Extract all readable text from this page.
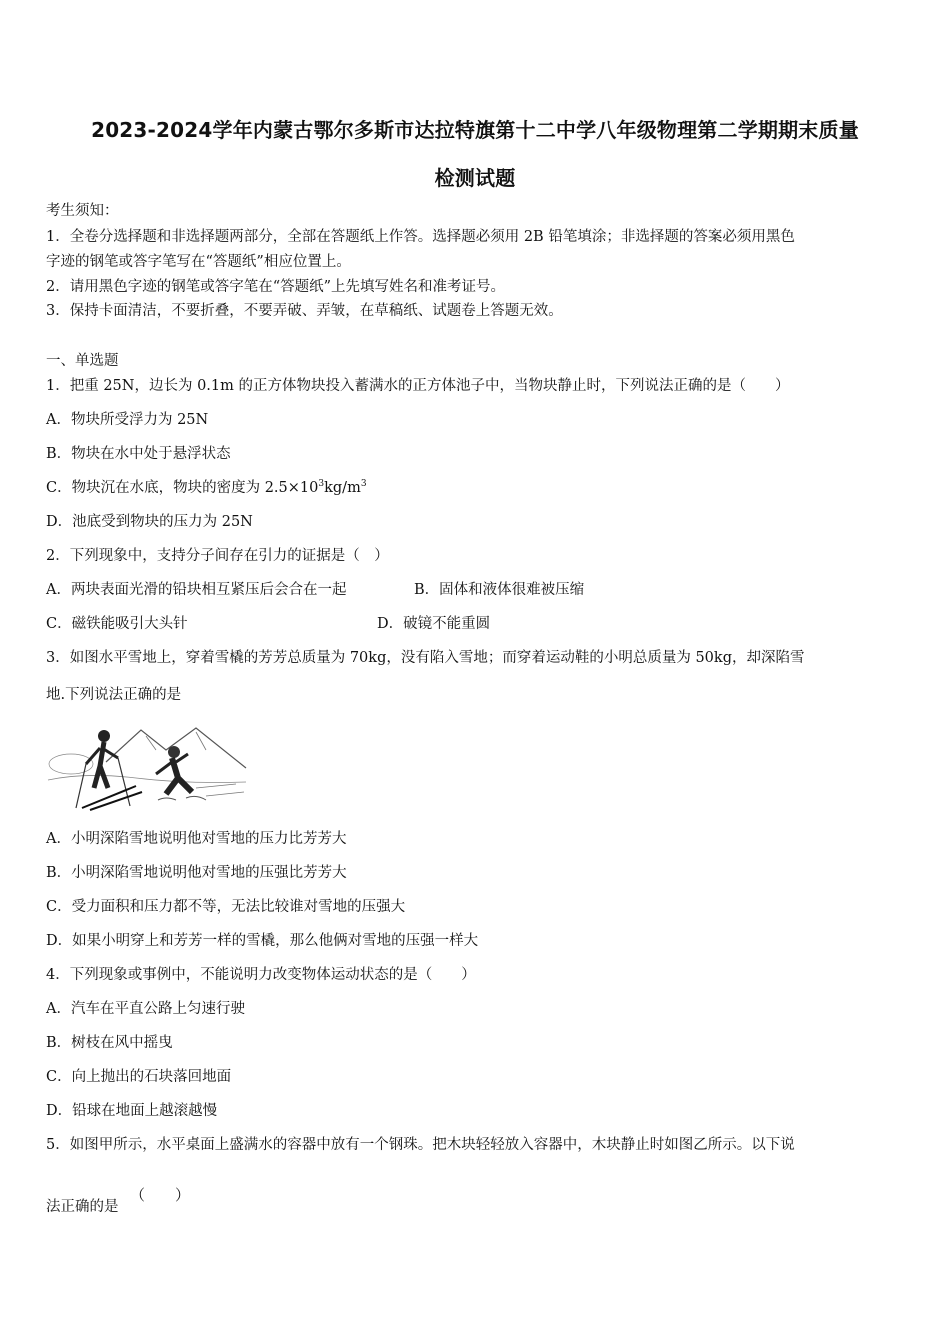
2023-2024学年内蒙古鄂尔多斯市达拉特旗第十二中学八年级物理第二学期期末质量
检测试题
考生须知：
1．全卷分选择题和非选择题两部分，全部在答题纸上作答。选择题必须用 2B 铅笔填涂；非选择题的答案必须用黑色
字迹的钢笔或答字笔写在“答题纸”相应位置上。
2．请用黑色字迹的钢笔或答字笔在“答题纸”上先填写姓名和准考证号。
3．保持卡面清洁，不要折叠，不要弄破、弄皱，在草稿纸、试题卷上答题无效。
一、单选题
1．把重 25N，边长为 0.1m 的正方体物块投入蓄满水的正方体池子中，当物块静止时，下列说法正确的是（　　）
A．物块所受浮力为 25N
B．物块在水中处于悬浮状态
C．物块沉在水底，物块的密度为 $2.5\times 10^3kg/m^3$
D．池底受到物块的压力为 25N
2．下列现象中，支持分子间存在引力的证据是（　）
A．两块表面光滑的铅块相互紧压后会合在一起	B．固体和液体很难被压缩
C．磁铁能吸引大头针	D．破镜不能重圆
3．如图水平雪地上，穿着雪橇的芳芳总质量为 70kg，没有陷入雪地；而穿着运动鞋的小明总质量为 50kg，却深陷雪
地.下列说法正确的是
A．小明深陷雪地说明他对雪地的压力比芳芳大
B．小明深陷雪地说明他对雪地的压强比芳芳大
C．受力面积和压力都不等，无法比较谁对雪地的压强大
D．如果小明穿上和芳芳一样的雪橇，那么他俩对雪地的压强一样大
4．下列现象或事例中，不能说明力改变物体运动状态的是（　　）
A．汽车在平直公路上匀速行驶
B．树枝在风中摇曳
C．向上抛出的石块落回地面
D．铅球在地面上越滚越慢
5．如图甲所示，水平桌面上盛满水的容器中放有一个钢珠。把木块轻轻放入容器中，木块静止时如图乙所示。以下说
法正确的是
（　　）
